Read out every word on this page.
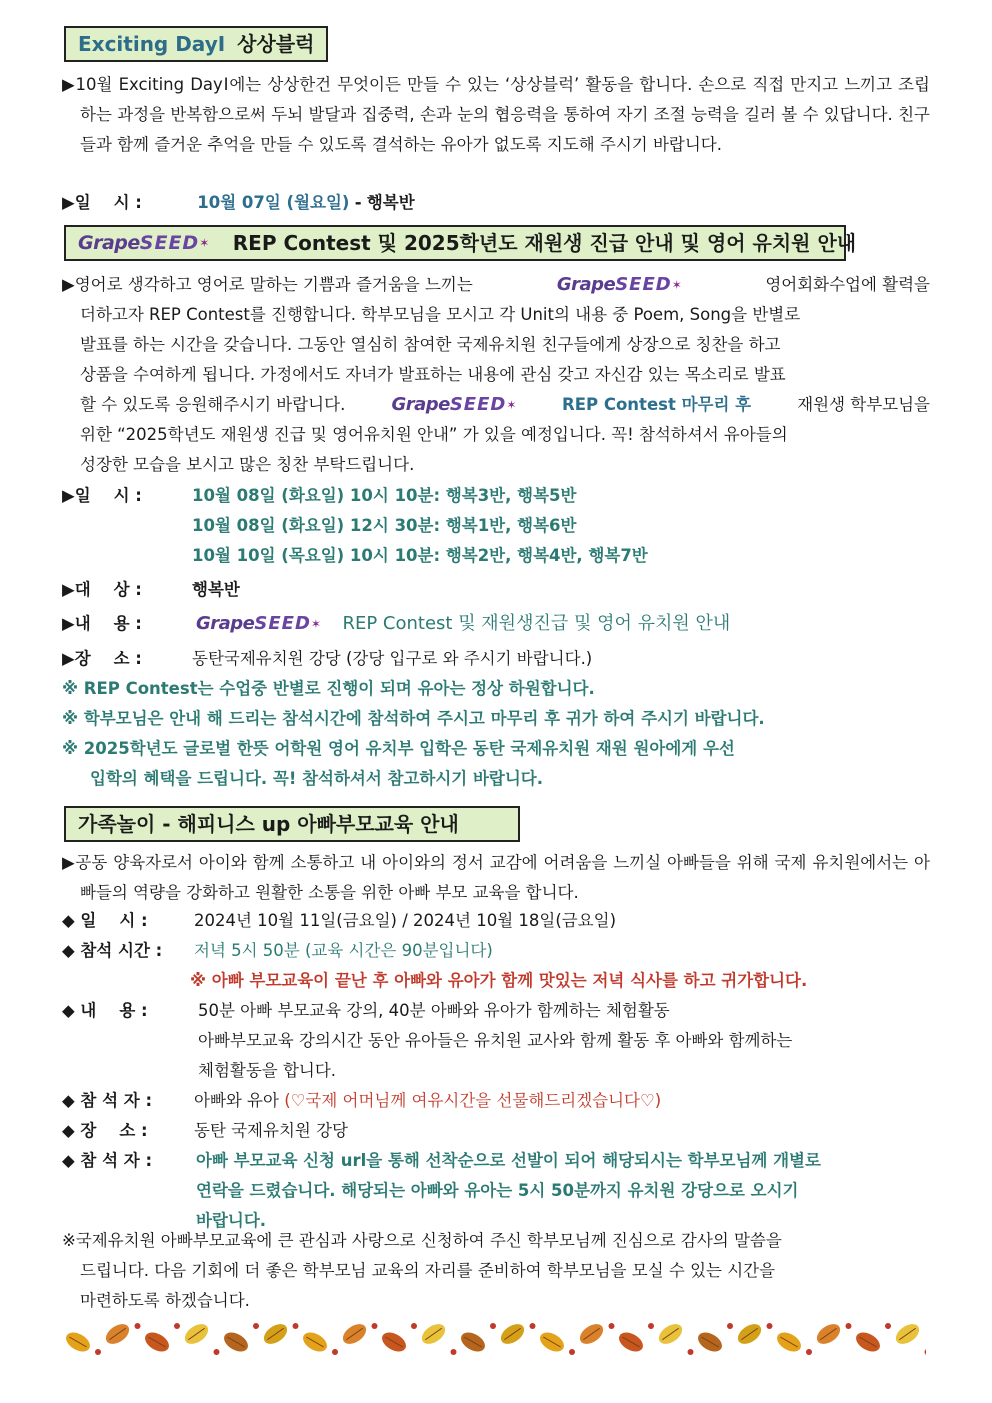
Exciting DayⅠ 상상블럭
▶10월 Exciting DayⅠ에는 상상한건 무엇이든 만들 수 있는 ‘상상블럭’ 활동을 합니다. 손으로 직접 만지고 느끼고 조립하는 과정을 반복함으로써 두뇌 발달과 집중력, 손과 눈의 협응력을 통하여 자기 조절 능력을 길러 볼 수 있답니다. 친구들과 함께 즐거운 추억을 만들 수 있도록 결석하는 유아가 없도록 지도해 주시기 바랍니다.
▶일    시 :	10월 07일 (월요일) - 행복반
GrapeSEED✶ REP Contest 및 2025학년도 재원생 진급 안내 및 영어 유치원 안내
▶영어로 생각하고 영어로 말하는 기쁨과 즐거움을 느끼는	GrapeSEED✶	영어회화수업에 활력을
더하고자 REP Contest를 진행합니다. 학부모님을 모시고 각 Unit의 내용 중 Poem, Song을 반별로
발표를 하는 시간을 갖습니다. 그동안 열심히 참여한 국제유치원 친구들에게 상장으로 칭찬을 하고
상품을 수여하게 됩니다. 가정에서도 자녀가 발표하는 내용에 관심 갖고 자신감 있는 목소리로 발표
할 수 있도록 응원해주시기 바랍니다.	GrapeSEED✶	REP Contest 마무리 후	재원생 학부모님을
위한 “2025학년도 재원생 진급 및 영어유치원 안내” 가 있을 예정입니다. 꼭! 참석하셔서 유아들의
성장한 모습을 보시고 많은 칭찬 부탁드립니다.
▶일    시 :	10월 08일 (화요일) 10시 10분: 행복3반, 행복5반
10월 08일 (화요일) 12시 30분: 행복1반, 행복6반
10월 10일 (목요일) 10시 10분: 행복2반, 행복4반, 행복7반
▶대    상 :	행복반
▶내    용 :	GrapeSEED✶ REP Contest 및 재원생진급 및 영어 유치원 안내
▶장    소 :	동탄국제유치원 강당 (강당 입구로 와 주시기 바랍니다.)
※ REP Contest는 수업중 반별로 진행이 되며 유아는 정상 하원합니다.
※ 학부모님은 안내 해 드리는 참석시간에 참석하여 주시고 마무리 후 귀가 하여 주시기 바랍니다.
※ 2025학년도 글로벌 한뜻 어학원 영어 유치부 입학은 동탄 국제유치원 재원 원아에게 우선
입학의 혜택을 드립니다. 꼭! 참석하셔서 참고하시기 바랍니다.
가족놀이 - 해피니스 up 아빠부모교육 안내
▶공동 양육자로서 아이와 함께 소통하고 내 아이와의 정서 교감에 어려움을 느끼실 아빠들을 위해 국제 유치원에서는 아빠들의 역량을 강화하고 원활한 소통을 위한 아빠 부모 교육을 합니다.
◆ 일    시 :	2024년 10월 11일(금요일) / 2024년 10월 18일(금요일)
◆ 참석 시간 : 저녁 5시 50분 (교육 시간은 90분입니다)
※ 아빠 부모교육이 끝난 후 아빠와 유아가 함께 맛있는 저녁 식사를 하고 귀가합니다.
◆ 내    용 :	50분 아빠 부모교육 강의, 40분 아빠와 유아가 함께하는 체험활동
아빠부모교육 강의시간 동안 유아들은 유치원 교사와 함께 활동 후 아빠와 함께하는
체험활동을 합니다.
◆ 참 석 자 :	아빠와 유아 (♡국제 어머님께 여유시간을 선물해드리겠습니다♡)
◆ 장    소 :	동탄 국제유치원 강당
◆ 참 석 자 :	아빠 부모교육 신청 url을 통해 선착순으로 선발이 되어 해당되시는 학부모님께 개별로
연락을 드렸습니다. 해당되는 아빠와 유아는 5시 50분까지 유치원 강당으로 오시기
바랍니다.
※국제유치원 아빠부모교육에 큰 관심과 사랑으로 신청하여 주신 학부모님께 진심으로 감사의 말씀을
드립니다. 다음 기회에 더 좋은 학부모님 교육의 자리를 준비하여 학부모님을 모실 수 있는 시간을
마련하도록 하겠습니다.
